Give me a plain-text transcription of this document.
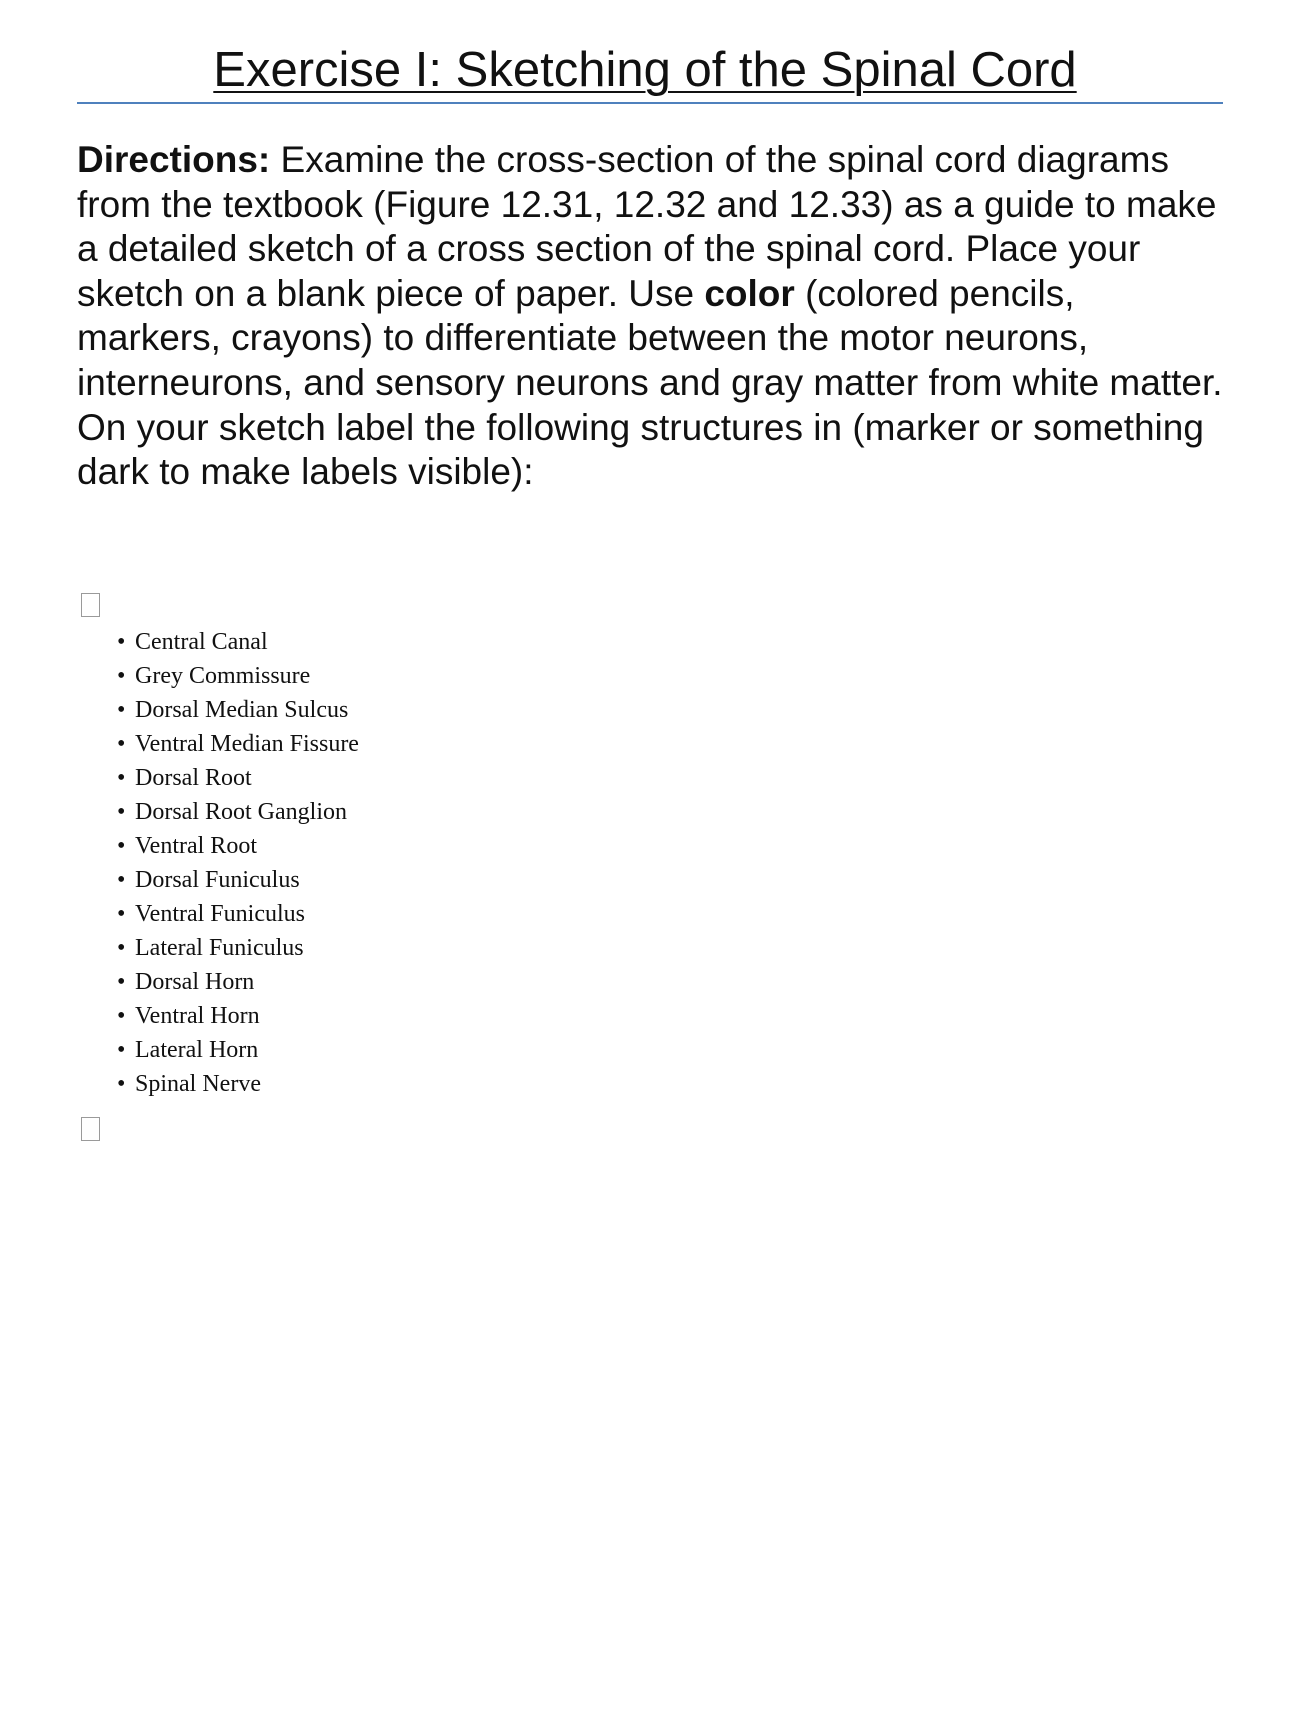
Exercise I: Sketching of the Spinal Cord

Directions: Examine the cross-section of the spinal cord diagrams from the textbook (Figure 12.31, 12.32 and 12.33) as a guide to make a detailed sketch of a cross section of the spinal cord. Place your sketch on a blank piece of paper. Use color (colored pencils, markers, crayons) to differentiate between the motor neurons, interneurons, and sensory neurons and gray matter from white matter. On your sketch label the following structures in (marker or something dark to make labels visible):

• Central Canal
• Grey Commissure
• Dorsal Median Sulcus
• Ventral Median Fissure
• Dorsal Root
• Dorsal Root Ganglion
• Ventral Root
• Dorsal Funiculus
• Ventral Funiculus
• Lateral Funiculus
• Dorsal Horn
• Ventral Horn
• Lateral Horn
• Spinal Nerve
